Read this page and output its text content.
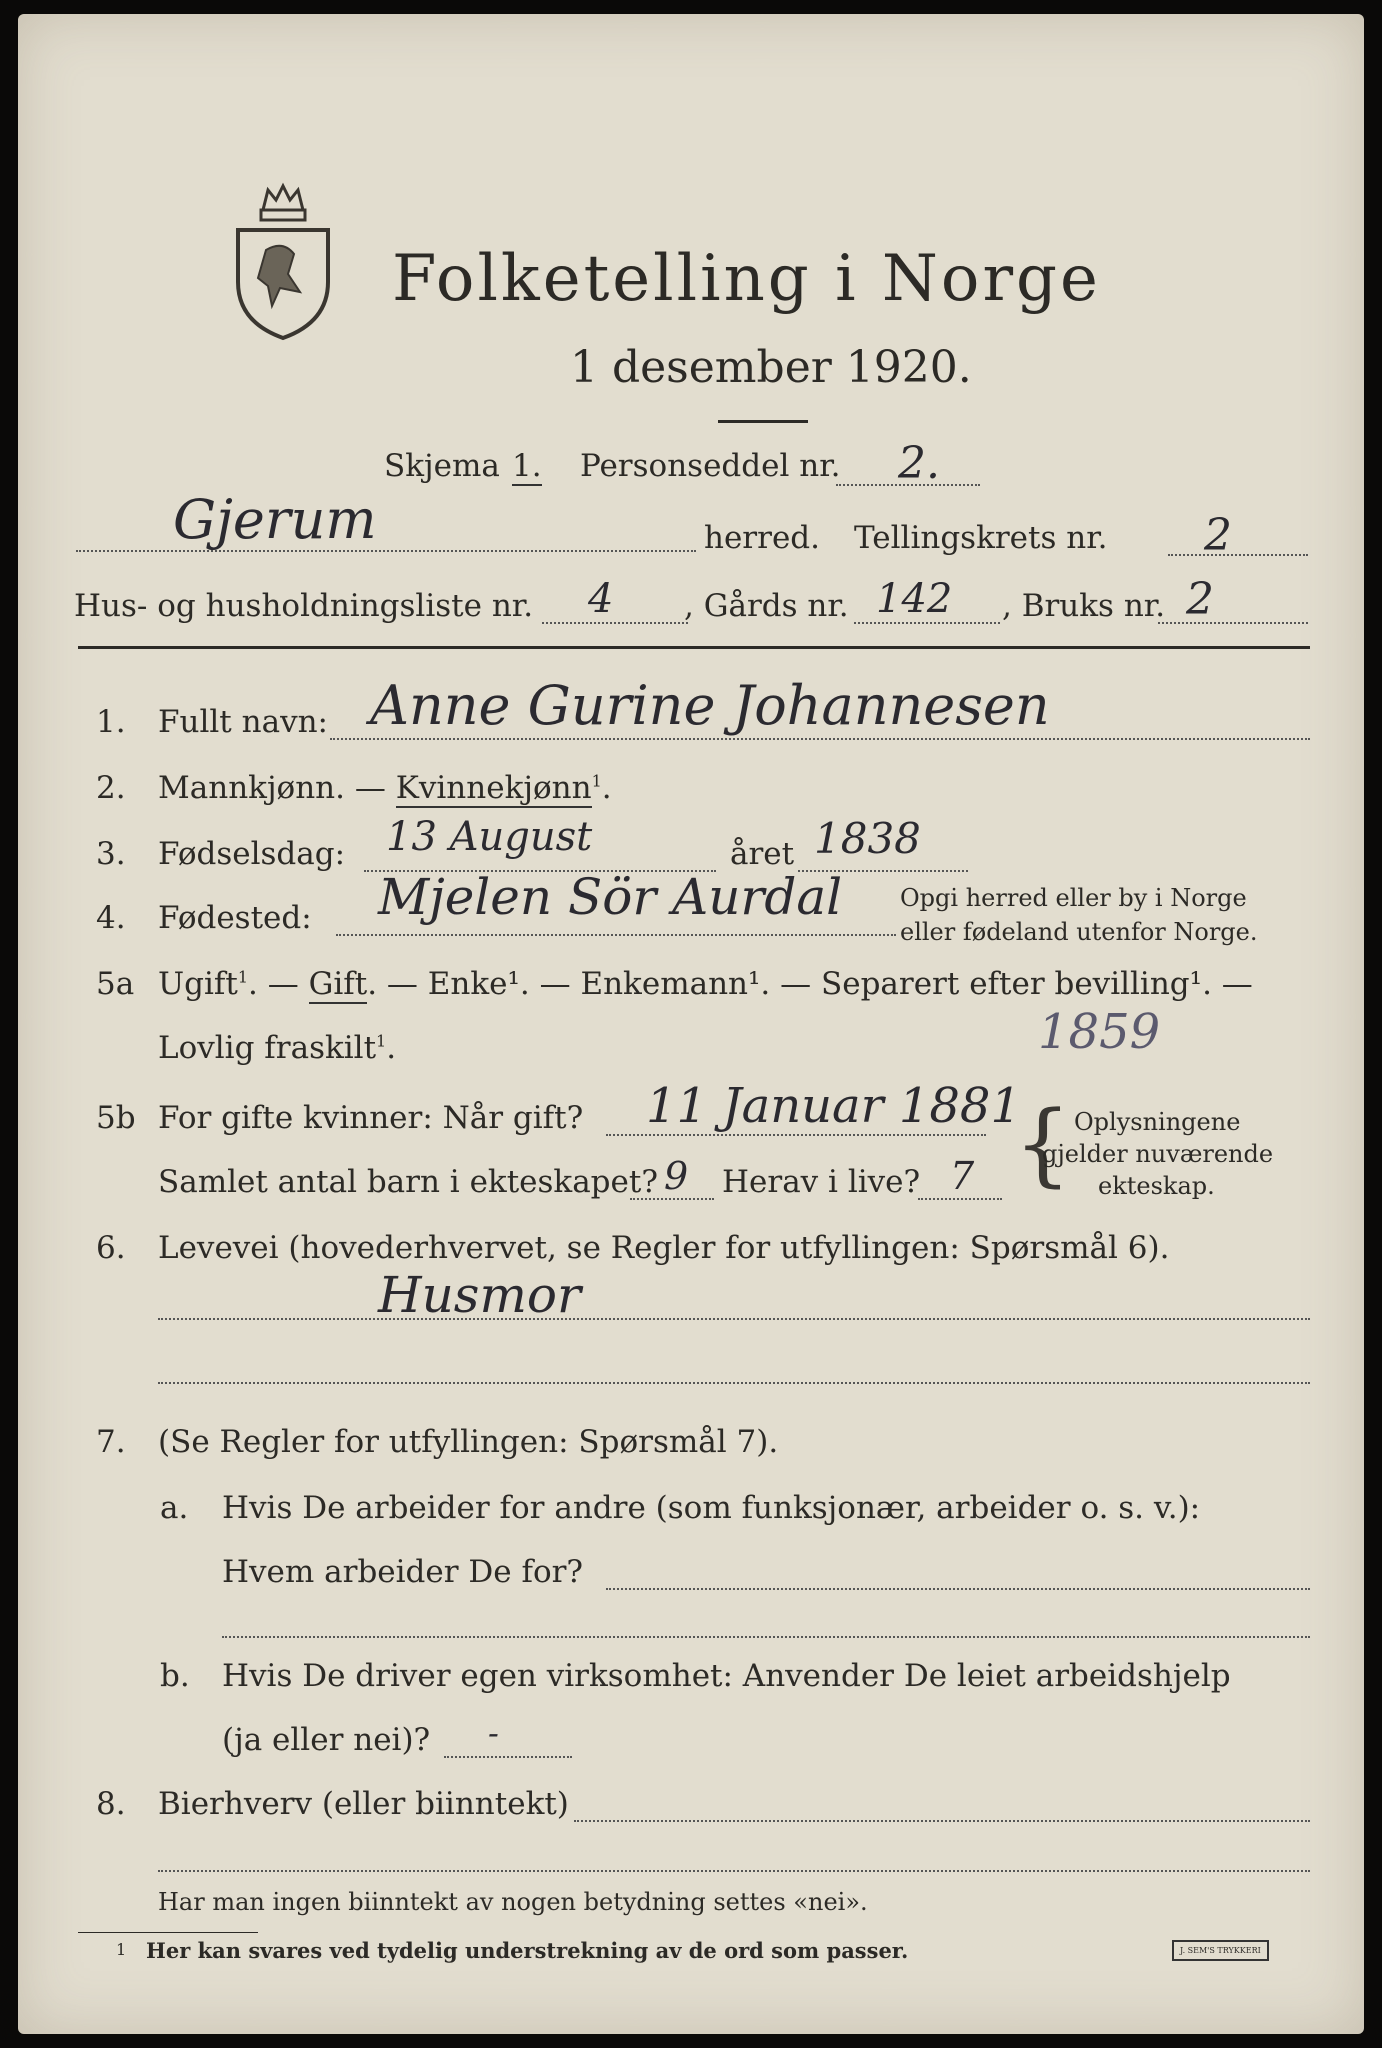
Folketelling i Norge
1 desember 1920.
Skjema 1. Personseddel nr. 2.
Gjerum	herred. Tellingskrets nr. 2
Hus- og husholdningsliste nr. 4 , Gårds nr. 142 , Bruks nr. 2
1. Fullt navn: Anne Gurine Johannesen
2. Mannkjønn. — Kvinnekjønn$^1$.
3. Fødselsdag: 13 August	året 1838
4. Fødested: Mjelen Sör Aurdal Opgi herred eller by i Norge
eller fødeland utenfor Norge.
5a Ugift$^1$. — Gift. — Enke¹. — Enkemann¹. — Separert efter bevilling¹. —
Lovlig fraskilt$^1$.	1859
5b For gifte kvinner: Når gift? 11 Januar 1881
Samlet antal barn i ekteskapet? 9 Herav i live? 7 { Oplysningene
gjelder nuværende
ekteskap.
6. Levevei (hovederhvervet, se Regler for utfyllingen: Spørsmål 6).
Husmor
7. (Se Regler for utfyllingen: Spørsmål 7).
a. Hvis De arbeider for andre (som funksjonær, arbeider o. s. v.):
Hvem arbeider De for?
b. Hvis De driver egen virksomhet: Anvender De leiet arbeidshjelp
(ja eller nei)? -
8. Bierhverv (eller biinntekt)
Har man ingen biinntekt av nogen betydning settes «nei».
1 Her kan svares ved tydelig understrekning av de ord som passer.	J. SEM'S TRYKKERI
